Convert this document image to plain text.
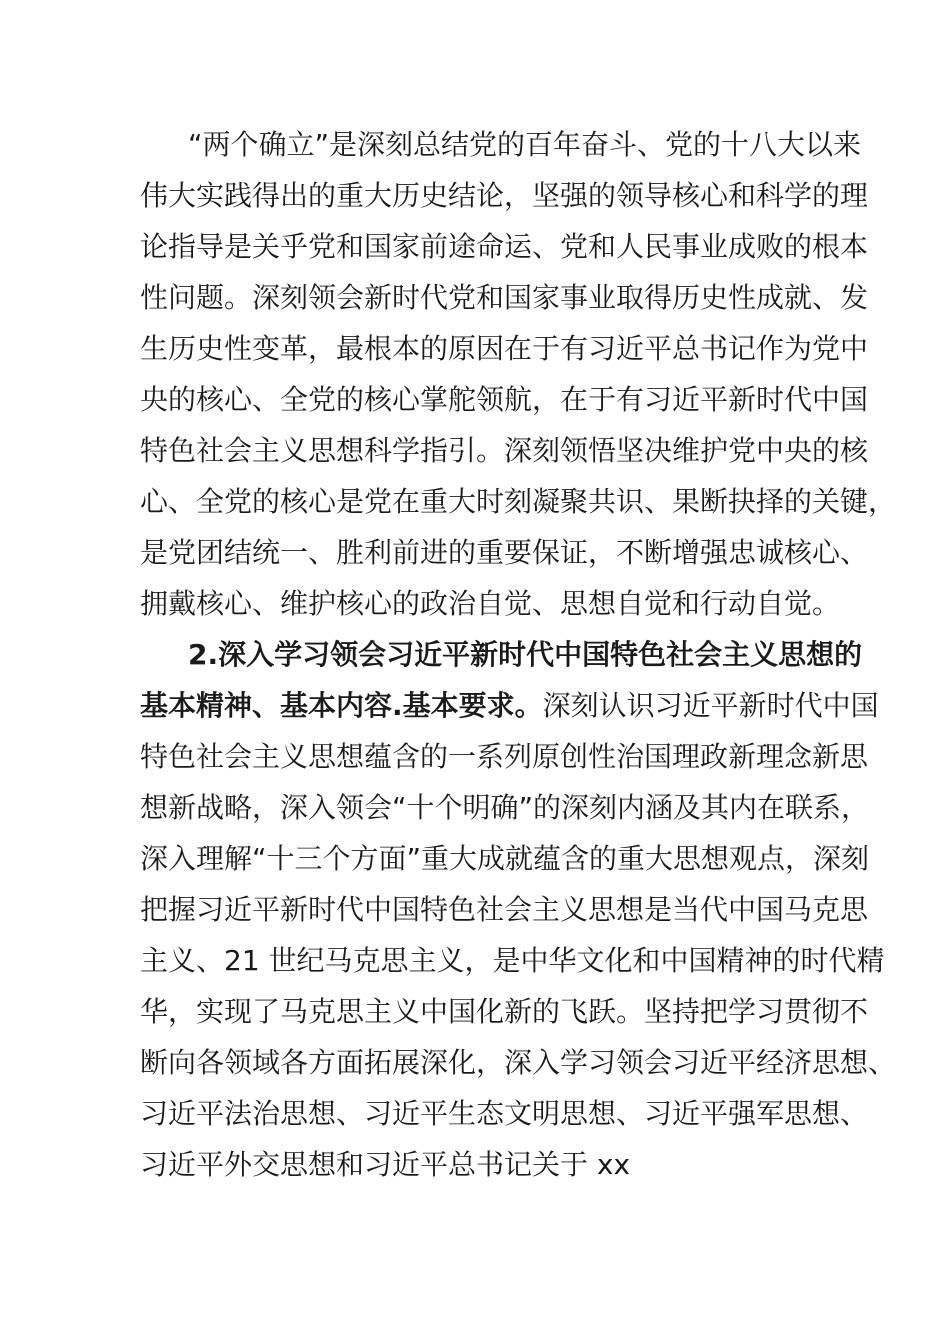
“两个确立”是深刻总结党的百年奋斗、党的十八大以来
伟大实践得出的重大历史结论，坚强的领导核心和科学的理
论指导是关乎党和国家前途命运、党和人民事业成败的根本
性问题。深刻领会新时代党和国家事业取得历史性成就、发
生历史性变革，最根本的原因在于有习近平总书记作为党中
央的核心、全党的核心掌舵领航，在于有习近平新时代中国
特色社会主义思想科学指引。深刻领悟坚决维护党中央的核
心、全党的核心是党在重大时刻凝聚共识、果断抉择的关键，
是党团结统一、胜利前进的重要保证，不断增强忠诚核心、
拥戴核心、维护核心的政治自觉、思想自觉和行动自觉。
2.深入学习领会习近平新时代中国特色社会主义思想的
基本精神、基本内容.基本要求。深刻认识习近平新时代中国
特色社会主义思想蕴含的一系列原创性治国理政新理念新思
想新战略，深入领会“十个明确”的深刻内涵及其内在联系，
深入理解“十三个方面”重大成就蕴含的重大思想观点，深刻
把握习近平新时代中国特色社会主义思想是当代中国马克思
主义、21 世纪马克思主义，是中华文化和中国精神的时代精
华，实现了马克思主义中国化新的飞跃。坚持把学习贯彻不
断向各领域各方面拓展深化，深入学习领会习近平经济思想、
习近平法治思想、习近平生态文明思想、习近平强军思想、
习近平外交思想和习近平总书记关于 xx
